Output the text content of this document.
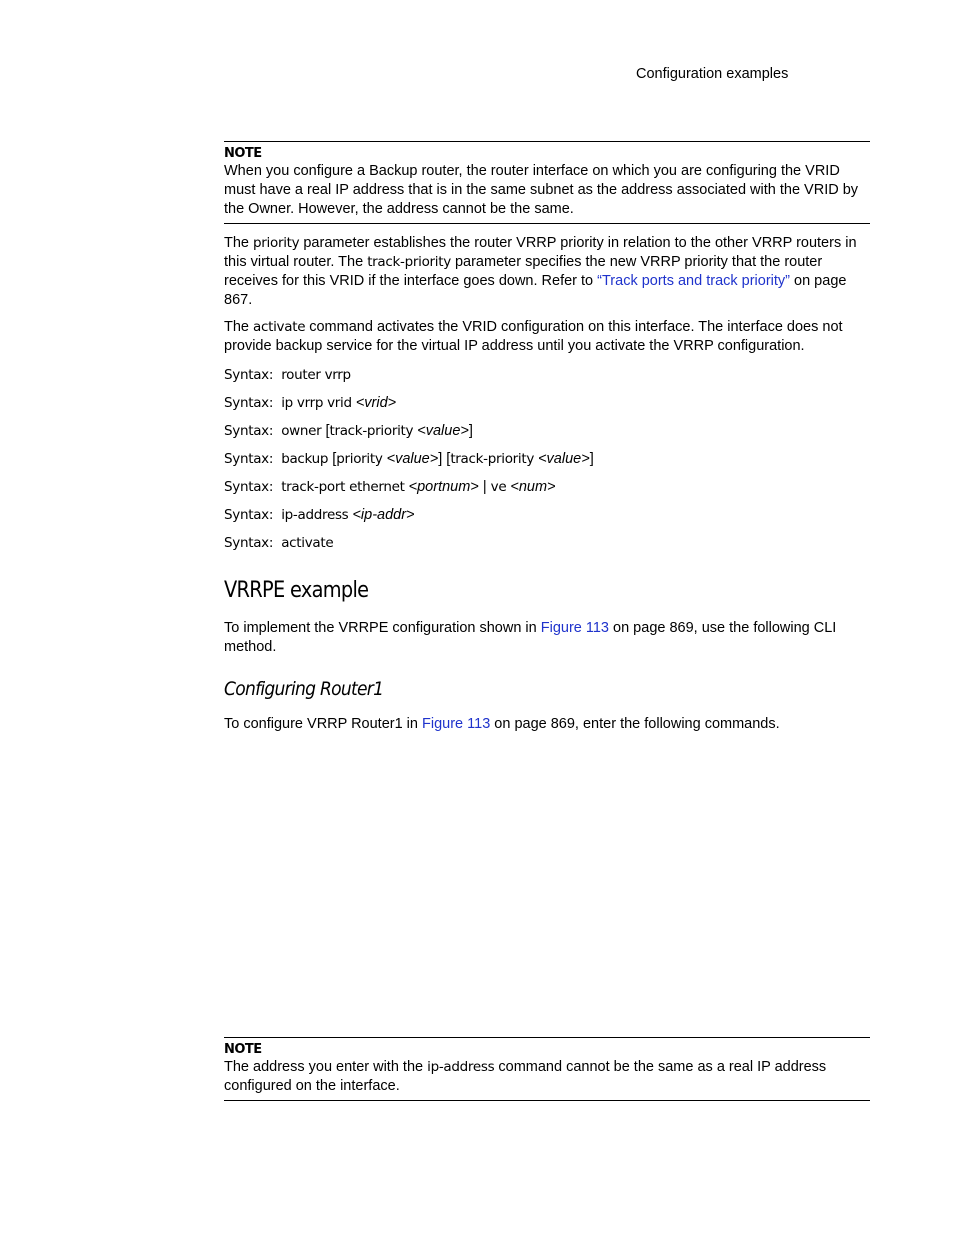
Configuration examples
NOTE

When you configure a Backup router, the router interface on which you are configuring the VRID must have a real IP address that is in the same subnet as the address associated with the VRID by the Owner. However, the address cannot be the same.

The priority parameter establishes the router VRRP priority in relation to the other VRRP routers in this virtual router. The track-priority parameter specifies the new VRRP priority that the router receives for this VRID if the interface goes down. Refer to “Track ports and track priority” on page 867.

The activate command activates the VRID configuration on this interface. The interface does not provide backup service for the virtual IP address until you activate the VRRP configuration.

Syntax: router vrrp
Syntax: ip vrrp vrid <vrid>
Syntax: owner [track-priority <value>]
Syntax: backup [priority <value>] [track-priority <value>]
Syntax: track-port ethernet <portnum> | ve <num>
Syntax: ip-address <ip-addr>
Syntax: activate
VRRPE example

To implement the VRRPE configuration shown in Figure 113 on page 869, use the following CLI method.

Configuring Router1

To configure VRRP Router1 in Figure 113 on page 869, enter the following commands.

NOTE

The address you enter with the ip-address command cannot be the same as a real IP address configured on the interface.
